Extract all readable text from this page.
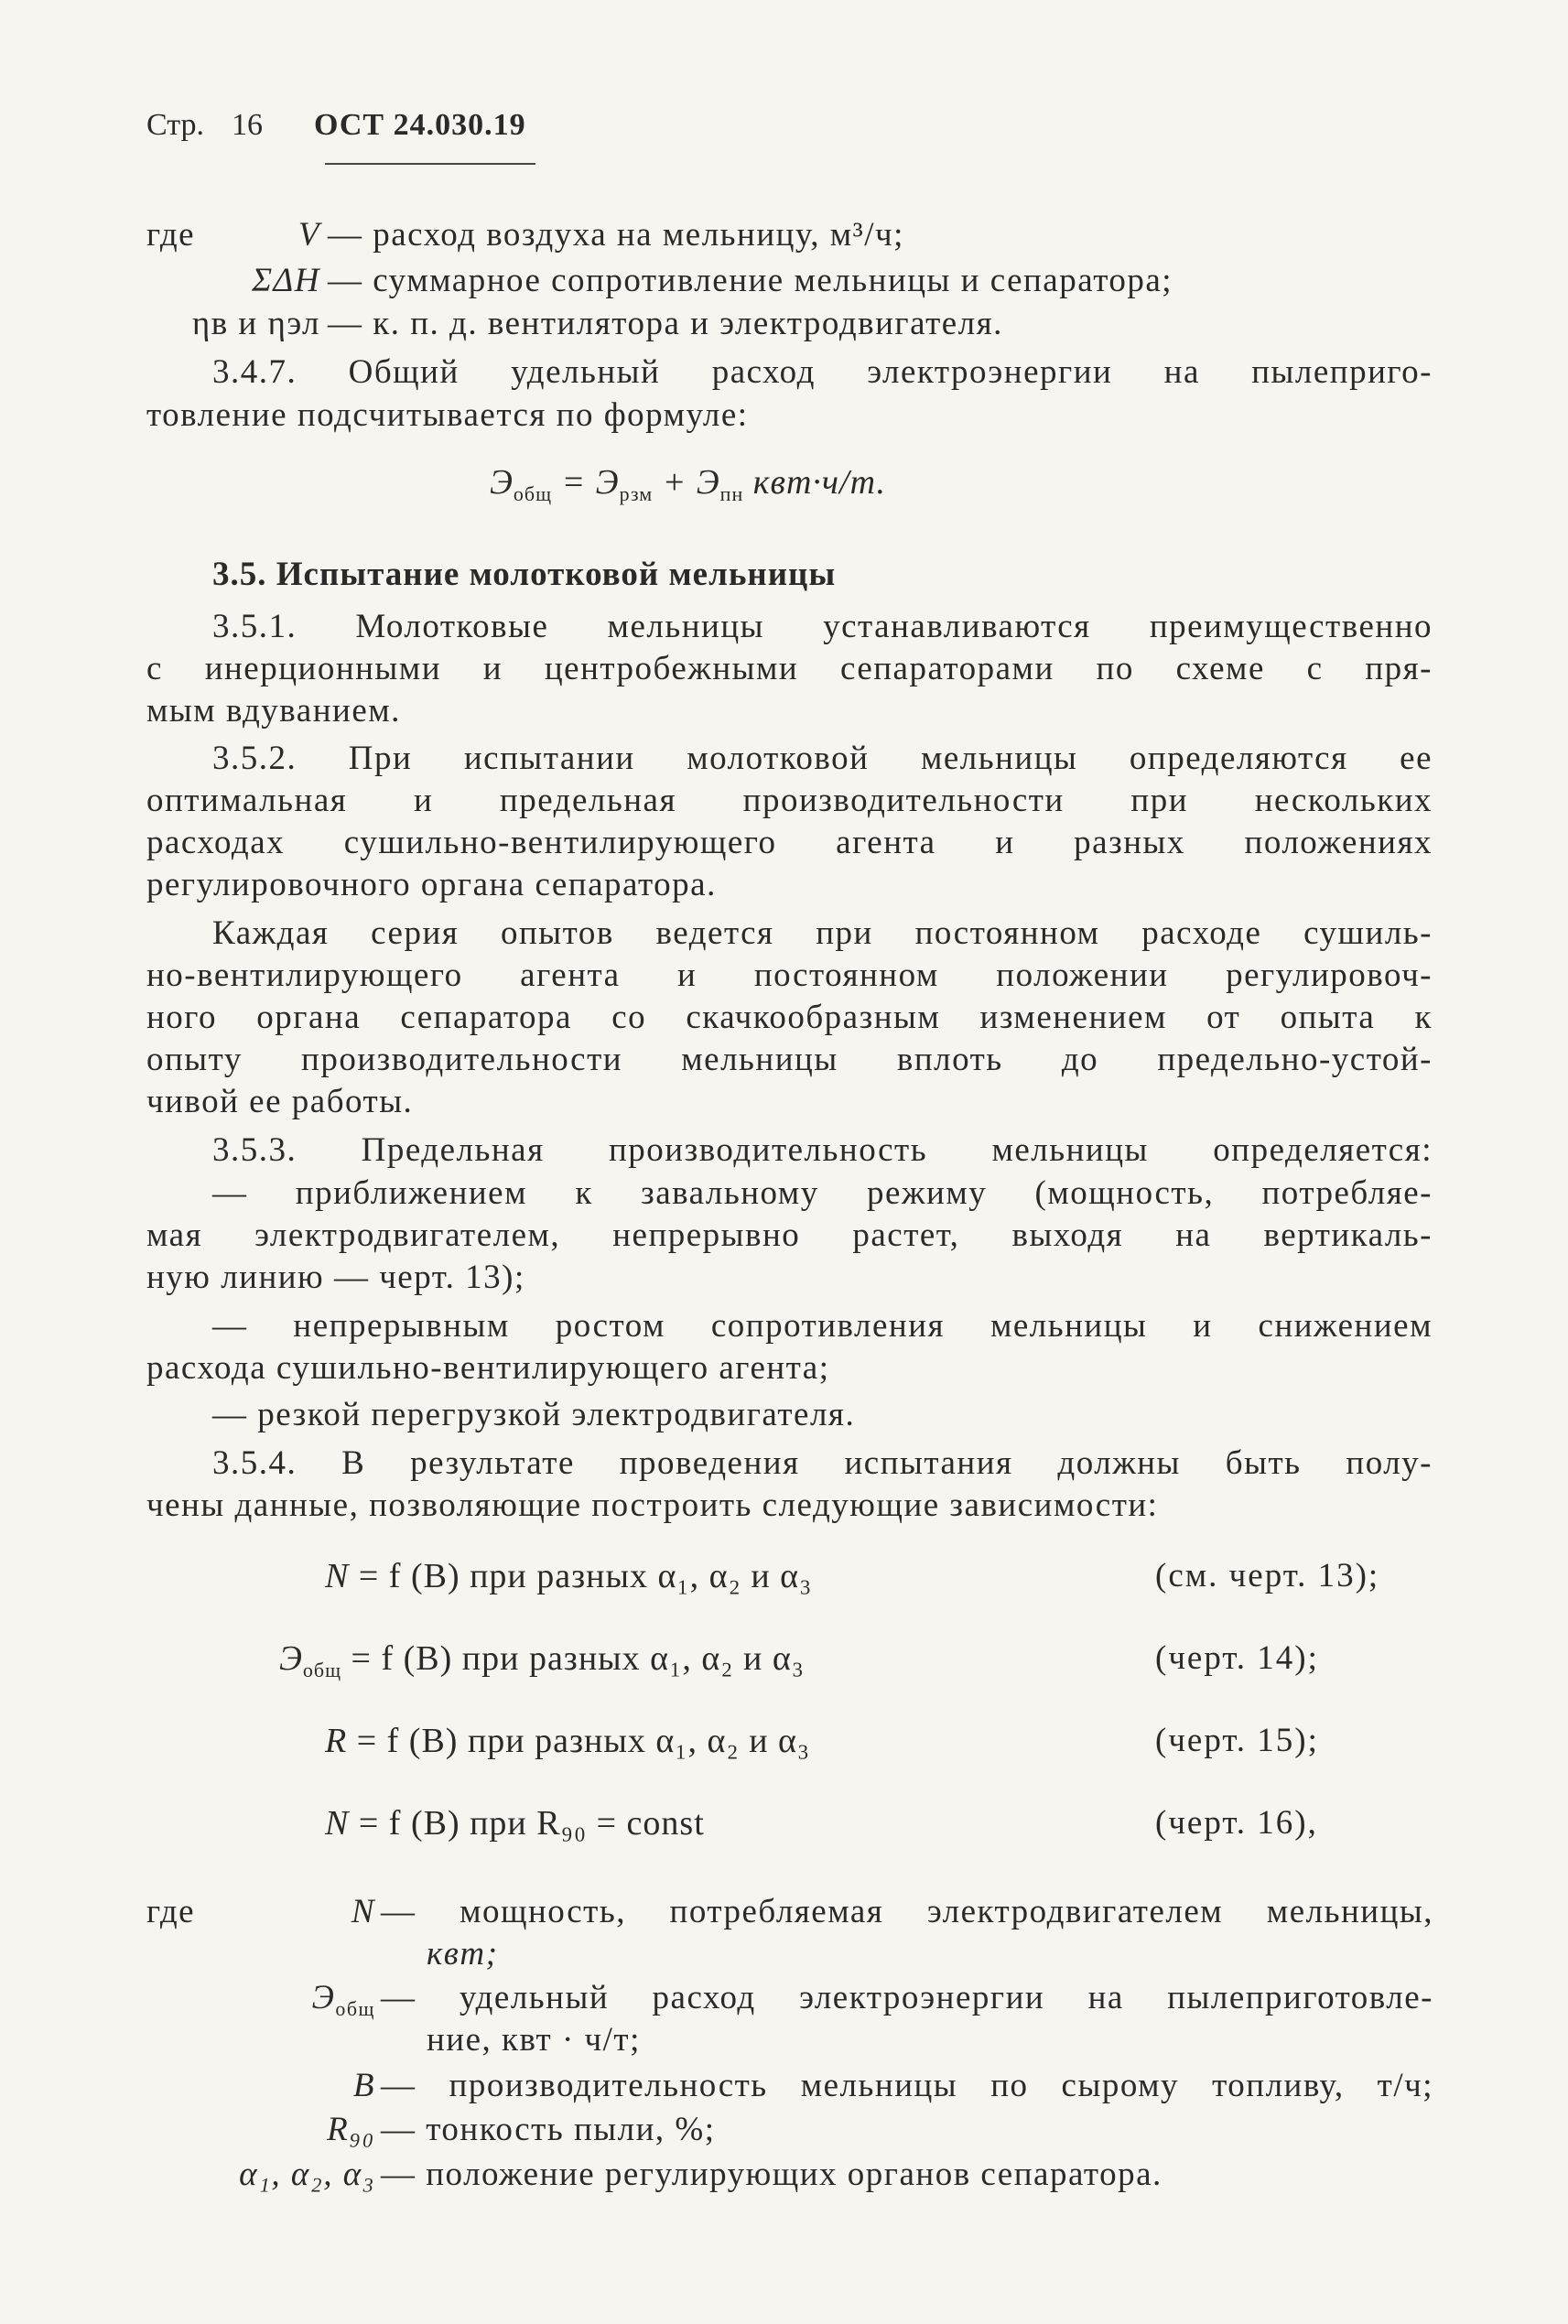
Стр. 16 ОСТ 24.030.19
где	V — расход воздуха на мельницу, м³/ч;
ΣΔН — суммарное сопротивление мельницы и сепаратора;
ηв и ηэл — к. п. д. вентилятора и электродвигателя.
3.4.7. Общий удельный расход электроэнергии на пылеприго-
товление подсчитывается по формуле:
$Э_{общ} = Э_{рзм} + Э_{пн}$ квт·ч/т.
3.5. Испытание молотковой мельницы
3.5.1. Молотковые мельницы устанавливаются преимущественно
с инерционными и центробежными сепараторами по схеме с пря-
мым вдуванием.
3.5.2. При испытании молотковой мельницы определяются ее
оптимальная и предельная производительности при нескольких
расходах сушильно-вентилирующего агента и разных положениях
регулировочного органа сепаратора.
Каждая серия опытов ведется при постоянном расходе сушиль-
но-вентилирующего агента и постоянном положении регулировоч-
ного органа сепаратора со скачкообразным изменением от опыта к
опыту производительности мельницы вплоть до предельно-устой-
чивой ее работы.
3.5.3. Предельная производительность мельницы определяется:
— приближением к завальному режиму (мощность, потребляе-
мая электродвигателем, непрерывно растет, выходя на вертикаль-
ную линию — черт. 13);
— непрерывным ростом сопротивления мельницы и снижением
расхода сушильно-вентилирующего агента;
— резкой перегрузкой электродвигателя.
3.5.4. В результате проведения испытания должны быть полу-
чены данные, позволяющие построить следующие зависимости:
N = f (B) при разных α₁, α₂ и α₃	(см. черт. 13);
$Э_{общ} = f$ (B) при разных α₁, α₂ и α₃	(черт. 14);
R = f (B) при разных α₁, α₂ и α₃	(черт. 15);
N = f (B) при R₉₀ = const	(черт. 16),
где	N — мощность, потребляемая электродвигателем мельницы,
квт;
$Э_{общ}$ — удельный расход электроэнергии на пылеприготовле-
ние, квт · ч/т;
B — производительность мельницы по сырому топливу, т/ч;
R₉₀ — тонкость пыли, %;
α₁, α₂, α₃ — положение регулирующих органов сепаратора.
